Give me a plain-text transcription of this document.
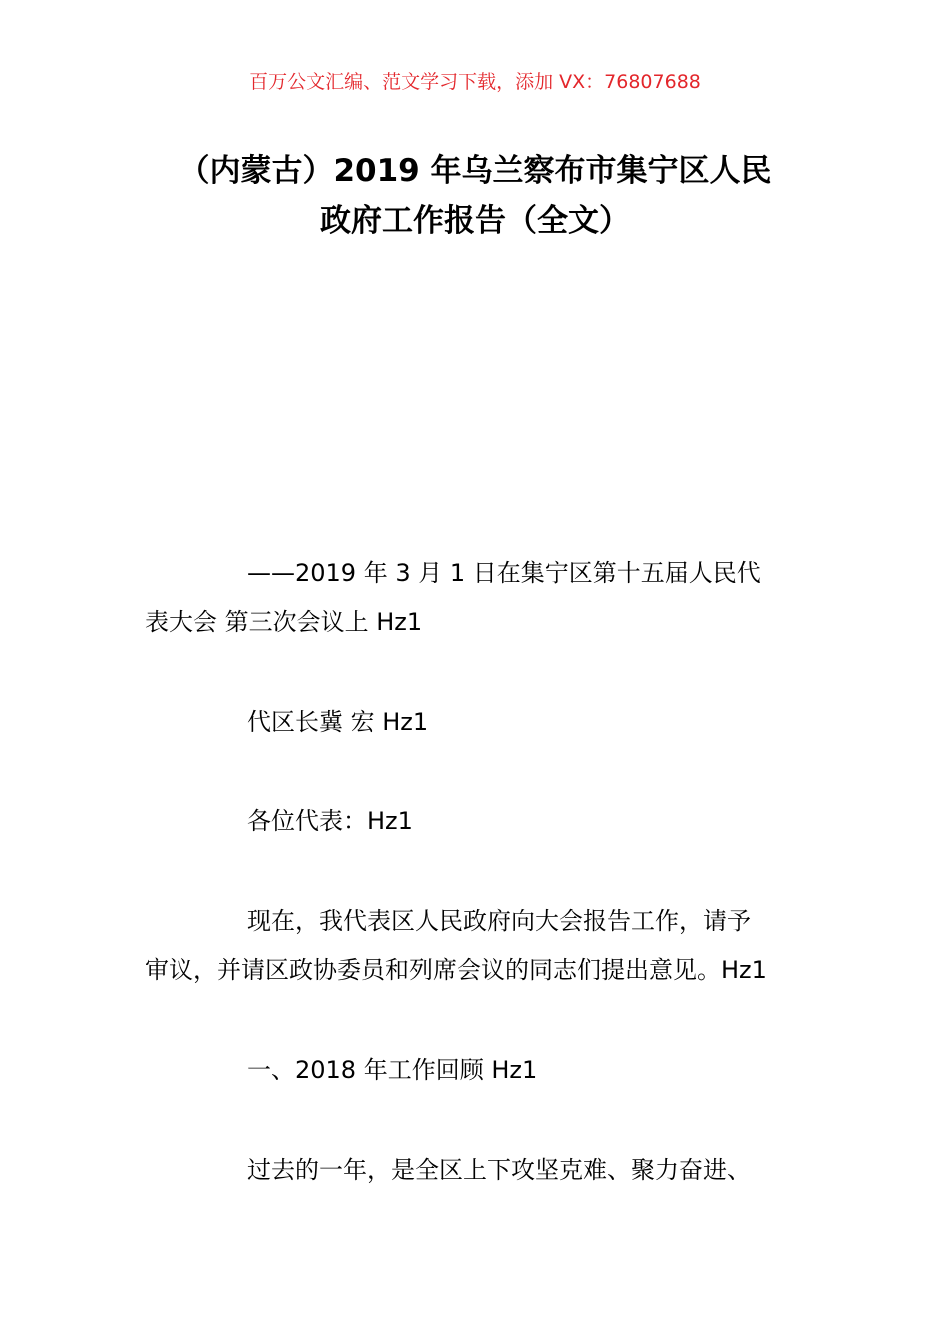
百万公文汇编、范文学习下载，添加 VX：76807688
（内蒙古）2019 年乌兰察布市集宁区人民
政府工作报告（全文）
——2019 年 3 月 1 日在集宁区第十五届人民代
表大会 第三次会议上 Hz1
代区长冀 宏 Hz1
各位代表：Hz1
现在，我代表区人民政府向大会报告工作，请予
审议，并请区政协委员和列席会议的同志们提出意见。Hz1
一、2018 年工作回顾 Hz1
过去的一年，是全区上下攻坚克难、聚力奋进、
